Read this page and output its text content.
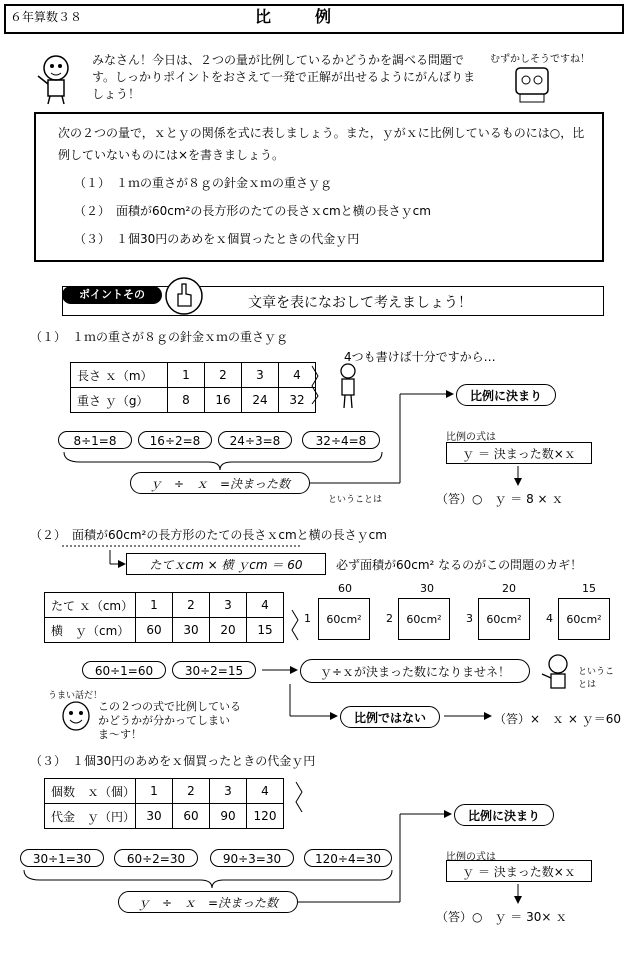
６年算数３８	比　例
みなさん！今日は、２つの量が比例しているかどうかを調べる問題です。しっかりポイントをおさえて一発で正解が出せるようにがんばりましょう！
むずかしそうですね！
次の２つの量で，ｘとｙの関係を式に表しましょう。また，ｙがｘに比例しているものには○，比例していないものには×を書きましょう。
（１）　１ｍの重さが８ｇの針金ｘｍの重さｙｇ
（２）　面積が60cm²の長方形のたての長さｘcmと横の長さｙcm
（３）　１個30円のあめをｘ個買ったときの代金ｙ円
ポイントその
文章を表になおして考えましょう！
（１）　１ｍの重さが８ｇの針金ｘｍの重さｙｇ
長さ ｘ（m）	1	2	3	4
重さ ｙ（g）	8	16	24	32
4つも書けば十分ですから…
8÷1=8	16÷2=8	24÷3=8	32÷4=8
ｙ　÷　ｘ　=決まった数
ということは
比例に決まり
比例の式は
ｙ ＝ 決まった数×ｘ
（答）○　ｙ ＝ 8 × ｘ
（２）　面積が60cm²の長方形のたての長さｘcmと横の長さｙcm
たてｘcm × 横 ｙcm ＝ 60	必ず面積が60cm² なるのがこの問題のカギ！
たて ｘ（cm）	1	2	3	4
横　ｙ（cm）	60	30	20	15
60
1	60cm²
30
2	60cm²
20
3	60cm²
15
4	60cm²
60÷1=60	30÷2=15
うまい話だ！
この２つの式で比例しているかどうかが分かってしまいま〜す！
ｙ÷ｘが決まった数になりませネ！	ということは
比例ではない	（答）×　ｘ × ｙ＝60
（３）　１個30円のあめをｘ個買ったときの代金ｙ円
個数　ｘ（個）	1	2	3	4
代金　ｙ（円）	30	60	90	120
30÷1=30	60÷2=30	90÷3=30	120÷4=30
ｙ　÷　ｘ　=決まった数
比例に決まり
比例の式は
ｙ ＝ 決まった数×ｘ
（答）○　ｙ ＝ 30× ｘ
